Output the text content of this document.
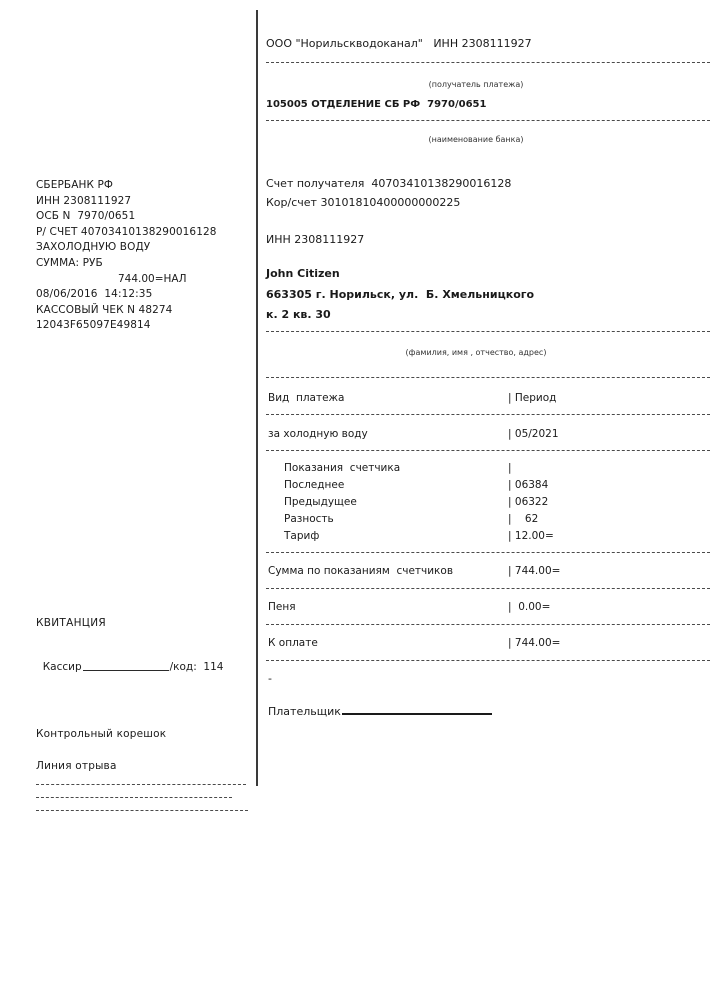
СБЕРБАНК РФ
ИНН 2308111927
ОСБ N  7970/0651
Р/ СЧЕТ 40703410138290016128
ЗАХОЛОДНУЮ ВОДУ
СУММА: РУБ
744.00=НАЛ
08/06/2016  14:12:35
КАССОВЫЙ ЧЕК N 48274
12043F65097E49814
КВИТАНЦИЯ

Кассир	/код:  114

Контрольный корешок
Линия отрыва
ООО "Норильскводоканал"   ИНН 2308111927
(получатель платежа)
105005 ОТДЕЛЕНИЕ СБ РФ  7970/0651
(наименование банка)
Счет получателя  40703410138290016128
Кор/счет 30101810400000000225
ИНН 2308111927
John Citizen
663305 г. Норильск, ул.  Б. Хмельницкого
к. 2 кв. 30
(фамилия, имя , отчество, адрес)
Вид  платежа	| Период
за холодную воду	| 05/2021
Показания  счетчика	|
Последнее	| 06384
Предыдущее	| 06322
Разность	|    62
Тариф	| 12.00=
Сумма по показаниям  счетчиков	| 744.00=
Пеня	|  0.00=
К оплате	| 744.00=
-
Плательщик
